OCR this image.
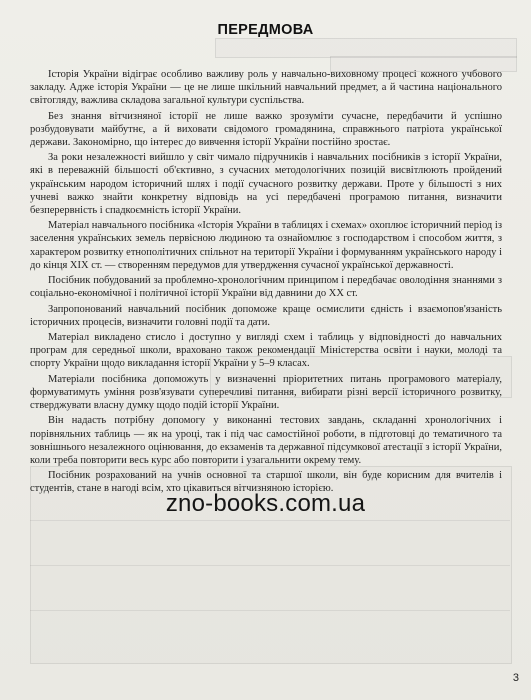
ПЕРЕДМОВА

Історія України відіграє особливо важливу роль у навчально-виховному процесі кожного учбового закладу. Адже історія України — це не лише шкільний навчальний предмет, а й частина національного світогляду, важлива складова загальної культури суспільства.

Без знання вітчизняної історії не лише важко зрозуміти сучасне, передбачити й успішно розбудовувати майбутнє, а й виховати свідомого громадянина, справжнього патріота української держави. Закономірно, що інтерес до вивчення історії України постійно зростає.

За роки незалежності вийшло у світ чимало підручників і навчальних посібників з історії України, які в переважній більшості об'єктивно, з сучасних методологічних позицій висвітлюють пройдений українським народом історичний шлях і події сучасного розвитку держави. Проте у більшості з них учневі важко знайти конкретну відповідь на усі передбачені програмою питання, визначити безперервність і спадкоємність історії України.

Матеріал навчального посібника «Історія України в таблицях і схемах» охоплює історичний період із заселення українських земель первісною людиною та ознайомлює з господарством і способом життя, з характером розвитку етнополітичних спільнот на території України і формуванням українського народу і до кінця XIX ст. — створенням передумов для утвердження сучасної української державності.

Посібник побудований за проблемно-хронологічним принципом і передбачає оволодіння знаннями з соціально-економічної і політичної історії України від давнини до XX ст.

Запропонований навчальний посібник допоможе краще осмислити єдність і взаємопов'язаність історичних процесів, визначити головні події та дати.

Матеріал викладено стисло і доступно у вигляді схем і таблиць у відповідності до навчальних програм для середньої школи, враховано також рекомендації Міністерства освіти і науки, молоді та спорту України щодо викладання історії України у 5–9 класах.

Матеріали посібника допоможуть у визначенні пріоритетних питань програмового матеріалу, формуватимуть уміння розв'язувати суперечливі питання, вибирати різні версії історичного розвитку, стверджувати власну думку щодо подій історії України.

Він надасть потрібну допомогу у виконанні тестових завдань, складанні хронологічних і порівняльних таблиць — як на уроці, так і під час самостійної роботи, в підготовці до тематичного та зовнішнього незалежного оцінювання, до екзаменів та державної підсумкової атестації з історії України, коли треба повторити весь курс або повторити і узагальнити окрему тему.

Посібник розрахований на учнів основної та старшої школи, він буде корисним для вчителів і студентів, стане в нагоді всім, хто цікавиться вітчизняною історією.

zno-books.com.ua
3
